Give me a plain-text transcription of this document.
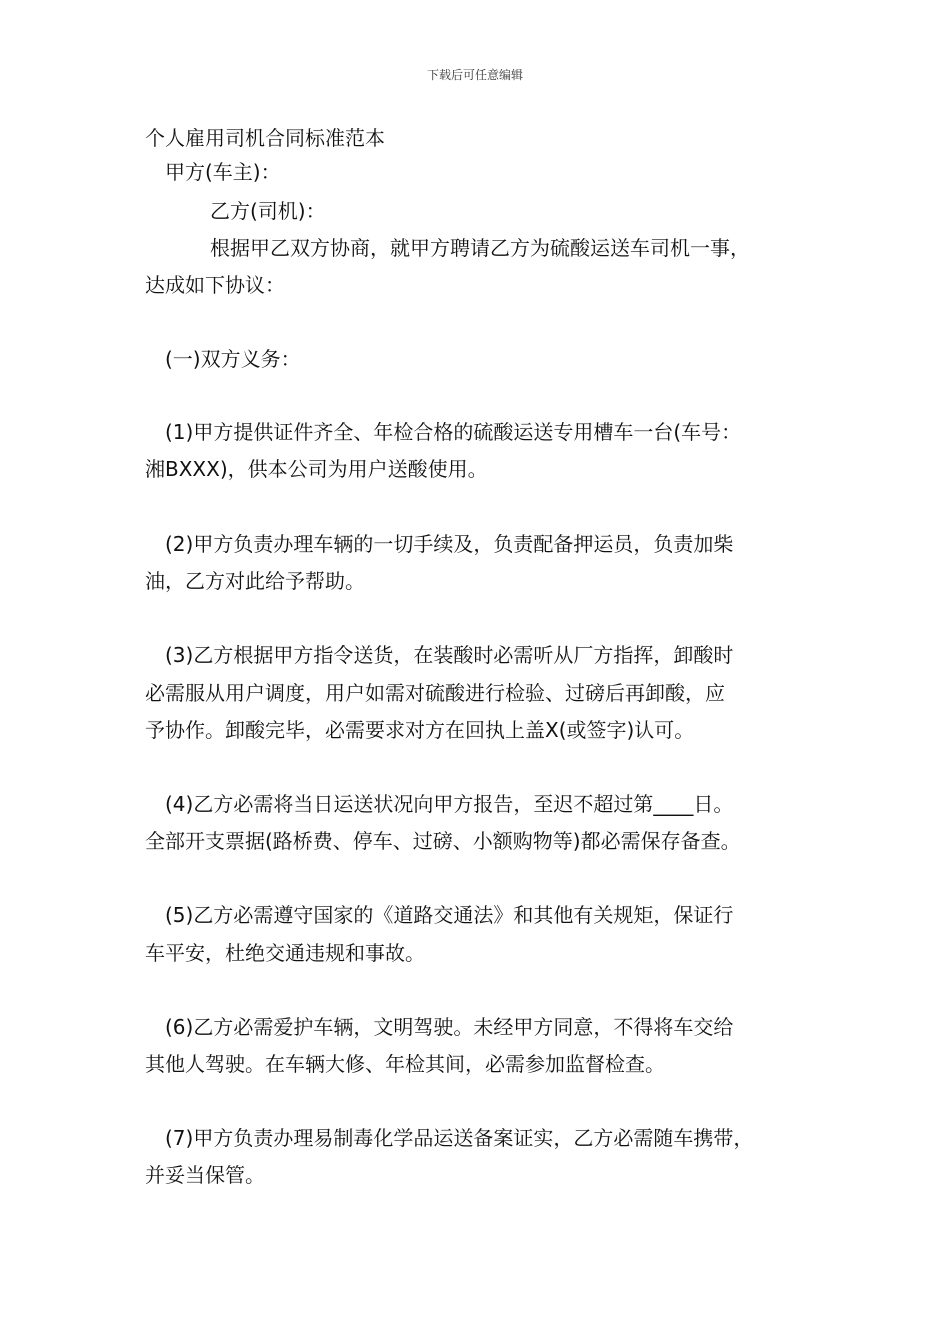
下载后可任意编辑
个人雇用司机合同标准范本
甲方(车主)：
乙方(司机)：
根据甲乙双方协商，就甲方聘请乙方为硫酸运送车司机一事，
达成如下协议：
(一)双方义务：
(1)甲方提供证件齐全、年检合格的硫酸运送专用槽车一台(车号：
湘BXXX)，供本公司为用户送酸使用。
(2)甲方负责办理车辆的一切手续及，负责配备押运员，负责加柴
油，乙方对此给予帮助。
(3)乙方根据甲方指令送货，在装酸时必需听从厂方指挥，卸酸时
必需服从用户调度，用户如需对硫酸进行检验、过磅后再卸酸，应
予协作。卸酸完毕，必需要求对方在回执上盖X(或签字)认可。
(4)乙方必需将当日运送状况向甲方报告，至迟不超过第____日。
全部开支票据(路桥费、停车、过磅、小额购物等)都必需保存备查。
(5)乙方必需遵守国家的《道路交通法》和其他有关规矩，保证行
车平安，杜绝交通违规和事故。
(6)乙方必需爱护车辆，文明驾驶。未经甲方同意，不得将车交给
其他人驾驶。在车辆大修、年检其间，必需参加监督检查。
(7)甲方负责办理易制毒化学品运送备案证实，乙方必需随车携带，
并妥当保管。
